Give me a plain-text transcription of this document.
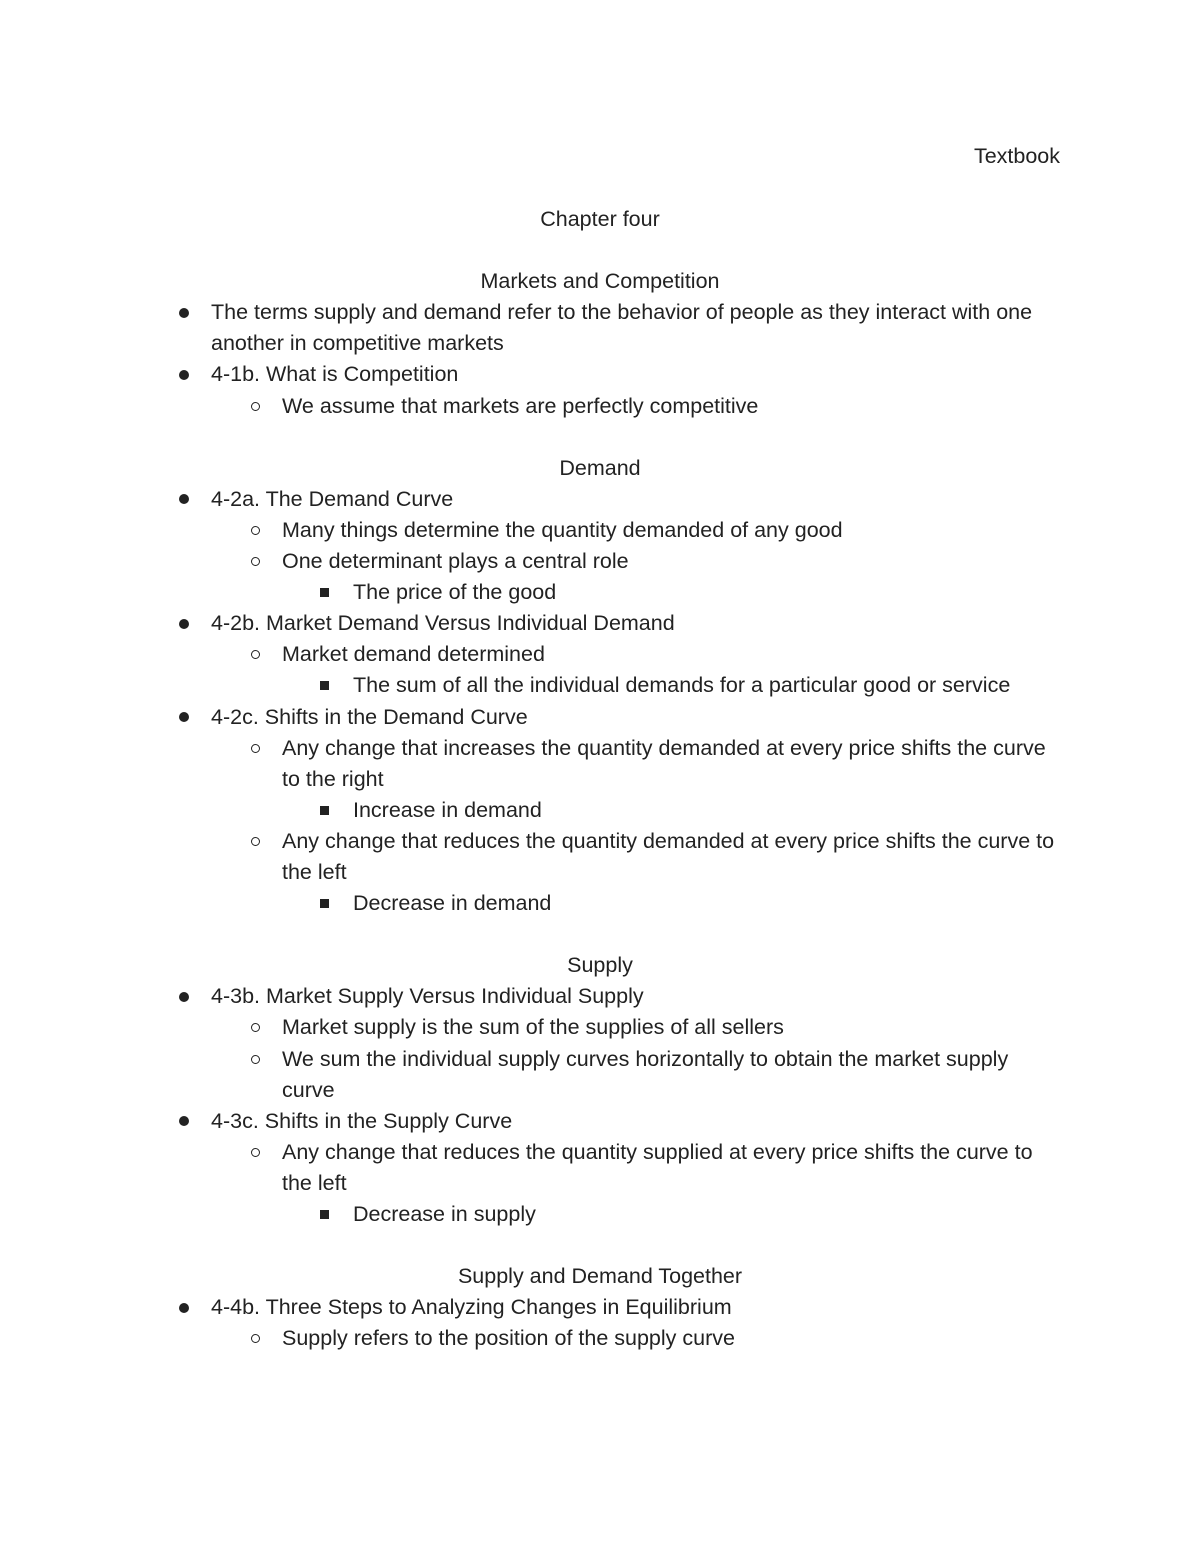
Textbook
Chapter four
Markets and Competition
The terms supply and demand refer to the behavior of people as they interact with one another in competitive markets
4-1b. What is Competition
We assume that markets are perfectly competitive
Demand
4-2a. The Demand Curve
Many things determine the quantity demanded of any good
One determinant plays a central role
The price of the good
4-2b. Market Demand Versus Individual Demand
Market demand determined
The sum of all the individual demands for a particular good or service
4-2c. Shifts in the Demand Curve
Any change that increases the quantity demanded at every price shifts the curve to the right
Increase in demand
Any change that reduces the quantity demanded at every price shifts the curve to the left
Decrease in demand
Supply
4-3b. Market Supply Versus Individual Supply
Market supply is the sum of the supplies of all sellers
We sum the individual supply curves horizontally to obtain the market supply curve
4-3c. Shifts in the Supply Curve
Any change that reduces the quantity supplied at every price shifts the curve to the left
Decrease in supply
Supply and Demand Together
4-4b. Three Steps to Analyzing Changes in Equilibrium
Supply refers to the position of the supply curve
